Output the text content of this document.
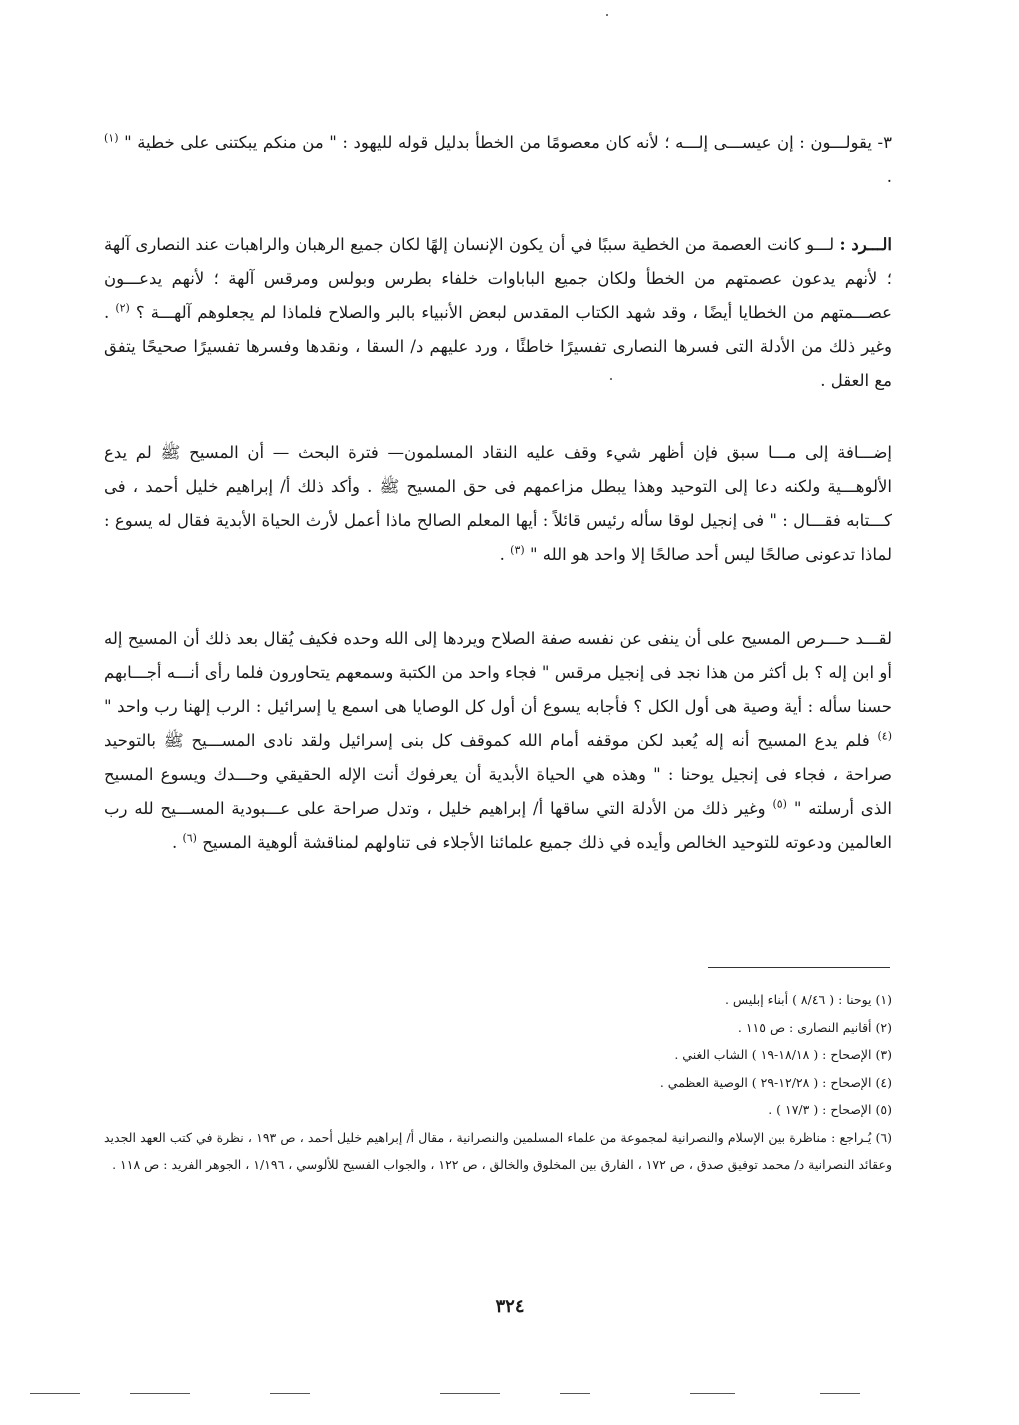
٣- يقولـــون : إن عيســـى إلـــه ؛ لأنه كان معصومًا من الخطأ بدليل قوله لليهود : " من منكم يبكتنى على خطية " $^{(١)}$ .
الـــرد : لـــو كانت العصمة من الخطية سببًا في أن يكون الإنسان إلهًا لكان جميع الرهبان والراهبات عند النصارى آلهة ؛ لأنهم يدعون عصمتهم من الخطأ ولكان جميع الباباوات خلفاء بطرس وبولس ومرقس آلهة ؛ لأنهم يدعـــون عصـــمتهم من الخطايا أيضًا ، وقد شهد الكتاب المقدس لبعض الأنبياء بالبر والصلاح فلماذا لم يجعلوهم آلهـــة ؟ $^{(٢)}$ . وغير ذلك من الأدلة التى فسرها النصارى تفسيرًا خاطئًا ، ورد عليهم د/ السقا ، ونقدها وفسرها تفسيرًا صحيحًا يتفق مع العقل .
إضـــافة إلى مـــا سبق فإن أظهر شيء وقف عليه النقاد المسلمون— فترة البحث — أن المسيح ﷺ لم يدع الألوهـــية ولكنه دعا إلى التوحيد وهذا يبطل مزاعمهم فى حق المسيح ﷺ . وأكد ذلك أ/ إبراهيم خليل أحمد ، فى كـــتابه فقـــال : " فى إنجيل لوقا سأله رئيس قائلاً : أيها المعلم الصالح ماذا أعمل لأرث الحياة الأبدية فقال له يسوع : لماذا تدعونى صالحًا ليس أحد صالحًا إلا واحد هو الله " $^{(٣)}$ .
لقـــد حـــرص المسيح على أن ينفى عن نفسه صفة الصلاح ويردها إلى الله وحده فكيف يُقال بعد ذلك أن المسيح إله أو ابن إله ؟ بل أكثر من هذا نجد فى إنجيل مرقس " فجاء واحد من الكتبة وسمعهم يتحاورون فلما رأى أنـــه أجـــابهم حسنا سأله : أية وصية هى أول الكل ؟ فأجابه يسوع أن أول كل الوصايا هى اسمع يا إسرائيل : الرب إلهنا رب واحد " $^{(٤)}$ فلم يدع المسيح أنه إله يُعبد لكن موقفه أمام الله كموقف كل بنى إسرائيل ولقد نادى المســـيح ﷺ بالتوحيد صراحة ، فجاء فى إنجيل يوحنا : " وهذه هي الحياة الأبدية أن يعرفوك أنت الإله الحقيقي وحـــدك ويسوع المسيح الذى أرسلته " $^{(٥)}$ وغير ذلك من الأدلة التي ساقها أ/ إبراهيم خليل ، وتدل صراحة على عـــبودية المســـيح لله رب العالمين ودعوته للتوحيد الخالص وأيده في ذلك جميع علمائنا الأجلاء فى تناولهم لمناقشة ألوهية المسيح $^{(٦)}$ .
(١) يوحنا : ( ٨/٤٦ ) أبناء إبليس .
(٢) أقانيم النصارى : ص ١١٥ .
(٣) الإصحاح : ( ١٨/١٨-١٩ ) الشاب الغني .
(٤) الإصحاح : ( ١٢/٢٨-٢٩ ) الوصية العظمي .
(٥) الإصحاح : ( ١٧/٣ ) .
(٦) يُـراجع : مناظرة بين الإسلام والنصرانية لمجموعة من علماء المسلمين والنصرانية ، مقال أ/ إبراهيم خليل أحمد ، ص ١٩٣ ، نظرة في كتب العهد الجديد وعقائد النصرانية د/ محمد توفيق صدق ، ص ١٧٢ ، الفارق بين المخلوق والخالق ، ص ١٢٢ ، والجواب الفسيح للألوسي ، ١/١٩٦ ، الجوهر الفريد : ص ١١٨ .
٣٢٤
